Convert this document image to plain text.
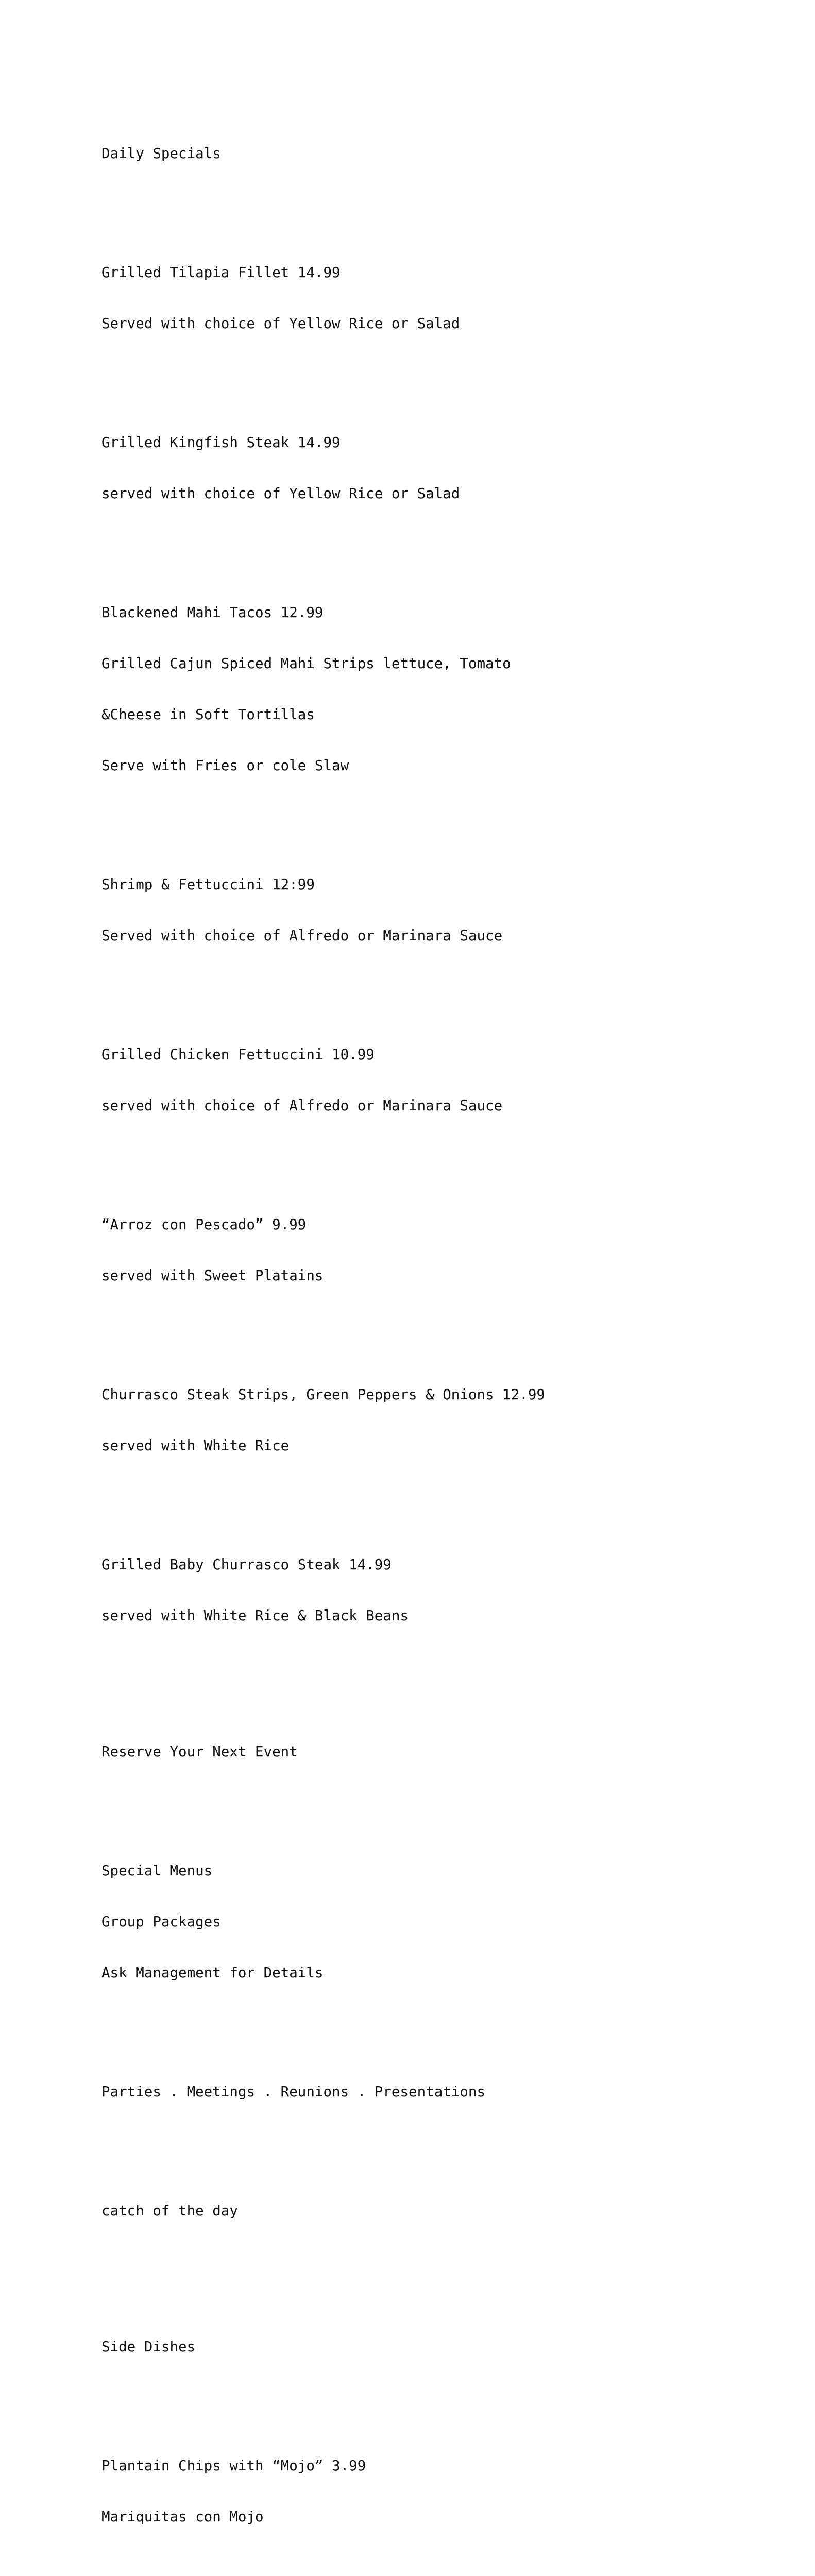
Daily Specials

Grilled Tilapia Fillet 14.99

Served with choice of Yellow Rice or Salad

Grilled Kingfish Steak 14.99

served with choice of Yellow Rice or Salad

Blackened Mahi Tacos 12.99

Grilled Cajun Spiced Mahi Strips lettuce, Tomato

&Cheese in Soft Tortillas

Serve with Fries or cole Slaw

Shrimp & Fettuccini 12:99

Served with choice of Alfredo or Marinara Sauce

Grilled Chicken Fettuccini 10.99

served with choice of Alfredo or Marinara Sauce

“Arroz con Pescado” 9.99

served with Sweet Platains

Churrasco Steak Strips, Green Peppers & Onions 12.99

served with White Rice

Grilled Baby Churrasco Steak 14.99

served with White Rice & Black Beans

Reserve Your Next Event

Special Menus

Group Packages

Ask Management for Details

Parties . Meetings . Reunions . Presentations

catch of the day

Side Dishes

Plantain Chips with “Mojo” 3.99

Mariquitas con Mojo
